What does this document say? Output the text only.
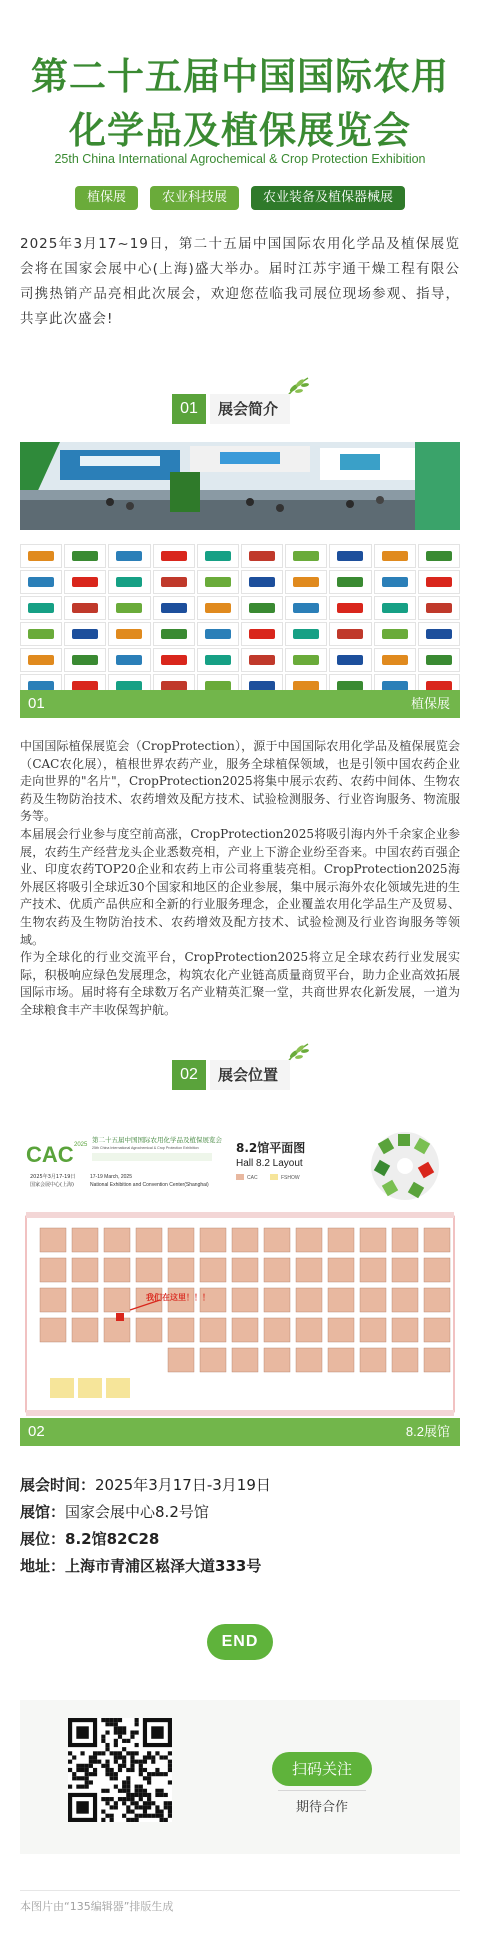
第二十五届中国国际农用
化学品及植保展览会
25th China International Agrochemical & Crop Protection Exhibition
植保展	农业科技展	农业装备及植保器械展
2025年3月17~19日，第二十五届中国国际农用化学品及植保展览会将在国家会展中心(上海)盛大举办。届时江苏宇通干燥工程有限公司携热销产品亮相此次展会，欢迎您莅临我司展位现场参观、指导，共享此次盛会!
01	展会简介
01	植保展

中国国际植保展览会（CropProtection），源于中国国际农用化学品及植保展览会（CAC农化展），植根世界农药产业，服务全球植保领域，也是引领中国农药企业走向世界的"名片"，CropProtection2025将集中展示农药、农药中间体、生物农药及生物防治技术、农药增效及配方技术、试验检测服务、行业咨询服务、物流服务等。

本届展会行业参与度空前高涨，CropProtection2025将吸引海内外千余家企业参展，农药生产经营龙头企业悉数亮相，产业上下游企业纷至沓来。中国农药百强企业、印度农药TOP20企业和农药上市公司将重装亮相。CropProtection2025海外展区将吸引全球近30个国家和地区的企业参展，集中展示海外农化领域先进的生产技术、优质产品供应和全新的行业服务理念，企业覆盖农用化学品生产及贸易、生物农药及生物防治技术、农药增效及配方技术、试验检测及行业咨询服务等领域。

作为全球化的行业交流平台，CropProtection2025将立足全球农药行业发展实际，积极响应绿色发展理念，构筑农化产业链高质量商贸平台，助力企业高效拓展国际市场。届时将有全球数万名产业精英汇聚一堂，共商世界农化新发展，一道为全球粮食丰产丰收保驾护航。

02	展会位置
CAC 2025
第二十五届中国国际农用化学品及植保展览会
25th China International Agrochemical & Crop Protection Exhibition
2025年3月17-19日	17-19 March, 2025
国家会展中心(上海)	National Exhibition and Convention Center(Shanghai)
8.2馆平面图
Hall 8.2 Layout
CAC	FSHOW
我们在这里！！！
02	8.2展馆
展会时间：2025年3月17日-3月19日
展馆：国家会展中心8.2号馆
展位：8.2馆82C28
地址：上海市青浦区崧泽大道333号
END
扫码关注
期待合作
本图片由“135编辑器”排版生成
